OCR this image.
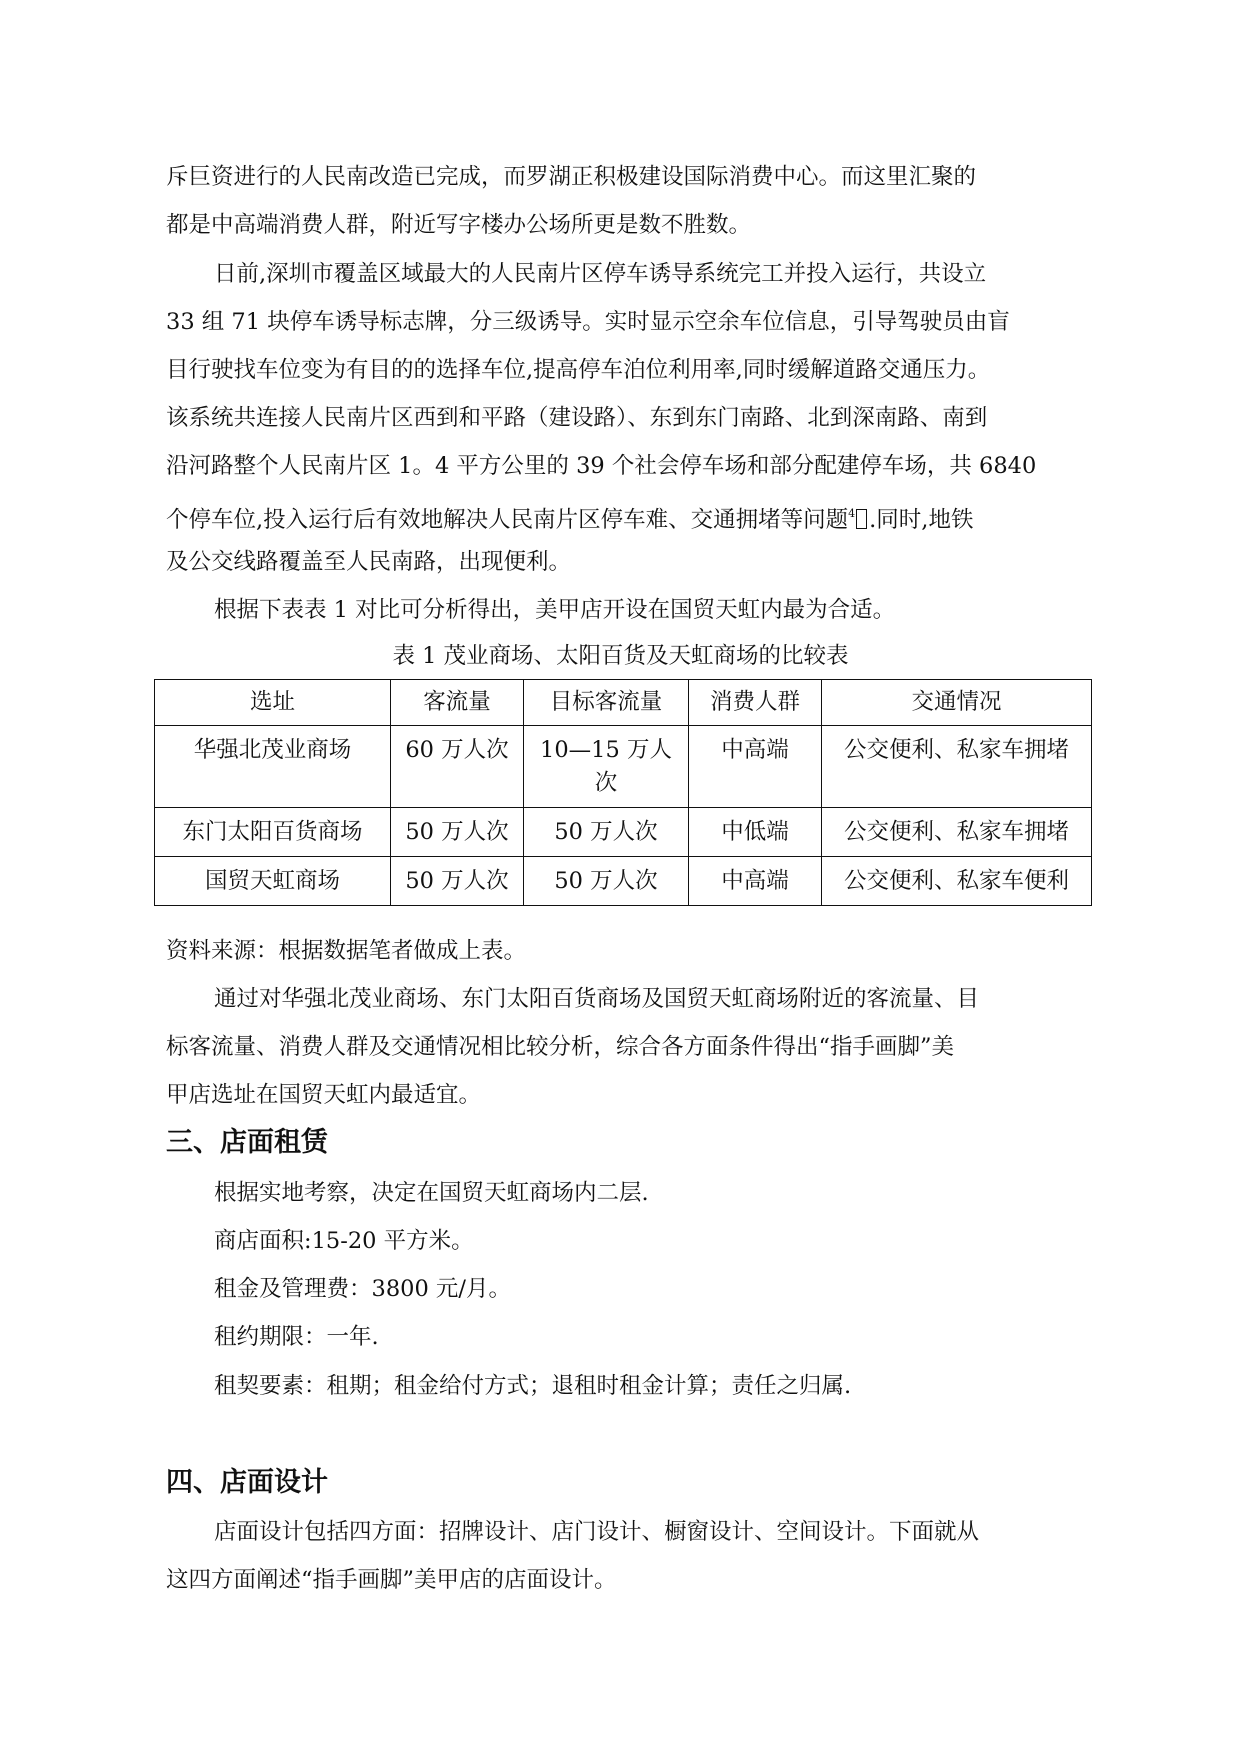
斥巨资进行的人民南改造已完成，而罗湖正积极建设国际消费中心。而这里汇聚的
都是中高端消费人群，附近写字楼办公场所更是数不胜数。
日前,深圳市覆盖区域最大的人民南片区停车诱导系统完工并投入运行，共设立
33 组 71 块停车诱导标志牌，分三级诱导。实时显示空余车位信息，引导驾驶员由盲
目行驶找车位变为有目的的选择车位,提高停车泊位利用率,同时缓解道路交通压力。
该系统共连接人民南片区西到和平路（建设路）、东到东门南路、北到深南路、南到
沿河路整个人民南片区 1。4 平方公里的 39 个社会停车场和部分配建停车场，共 6840
个停车位,投入运行后有效地解决人民南片区停车难、交通拥堵等问题$^4$ .同时,地铁
及公交线路覆盖至人民南路，出现便利。
根据下表表 1 对比可分析得出，美甲店开设在国贸天虹内最为合适。
表 1 茂业商场、太阳百货及天虹商场的比较表
选址	客流量	目标客流量	消费人群	交通情况
华强北茂业商场	60 万人次	10—15 万人次	中高端	公交便利、私家车拥堵
东门太阳百货商场	50 万人次	50 万人次	中低端	公交便利、私家车拥堵
国贸天虹商场	50 万人次	50 万人次	中高端	公交便利、私家车便利
资料来源：根据数据笔者做成上表。
通过对华强北茂业商场、东门太阳百货商场及国贸天虹商场附近的客流量、目
标客流量、消费人群及交通情况相比较分析，综合各方面条件得出“指手画脚”美
甲店选址在国贸天虹内最适宜。
三、店面租赁
根据实地考察，决定在国贸天虹商场内二层.
商店面积:15-20 平方米。
租金及管理费：3800 元/月。
租约期限：一年.
租契要素：租期；租金给付方式；退租时租金计算；责任之归属.
四、店面设计
店面设计包括四方面：招牌设计、店门设计、橱窗设计、空间设计。下面就从
这四方面阐述“指手画脚”美甲店的店面设计。
